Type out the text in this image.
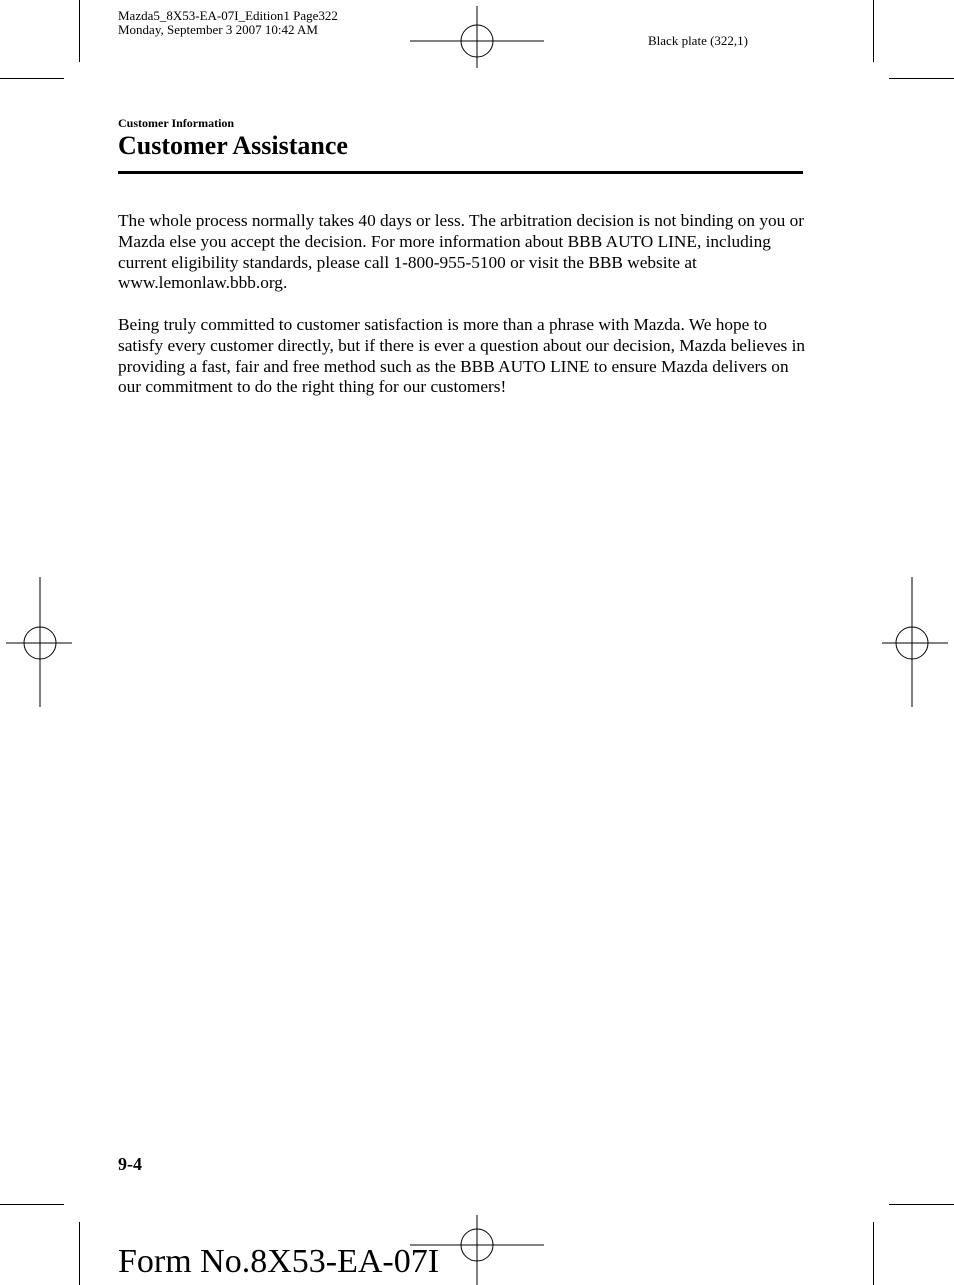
Mazda5_8X53-EA-07I_Edition1 Page322
Monday, September 3 2007 10:42 AM
Black plate (322,1)
Customer Information
Customer Assistance

The whole process normally takes 40 days or less. The arbitration decision is not binding on you or Mazda else you accept the decision. For more information about BBB AUTO LINE, including current eligibility standards, please call 1-800-955-5100 or visit the BBB website at www.lemonlaw.bbb.org.

Being truly committed to customer satisfaction is more than a phrase with Mazda. We hope to satisfy every customer directly, but if there is ever a question about our decision, Mazda believes in providing a fast, fair and free method such as the BBB AUTO LINE to ensure Mazda delivers on our commitment to do the right thing for our customers!

9-4
Form No.8X53-EA-07I
